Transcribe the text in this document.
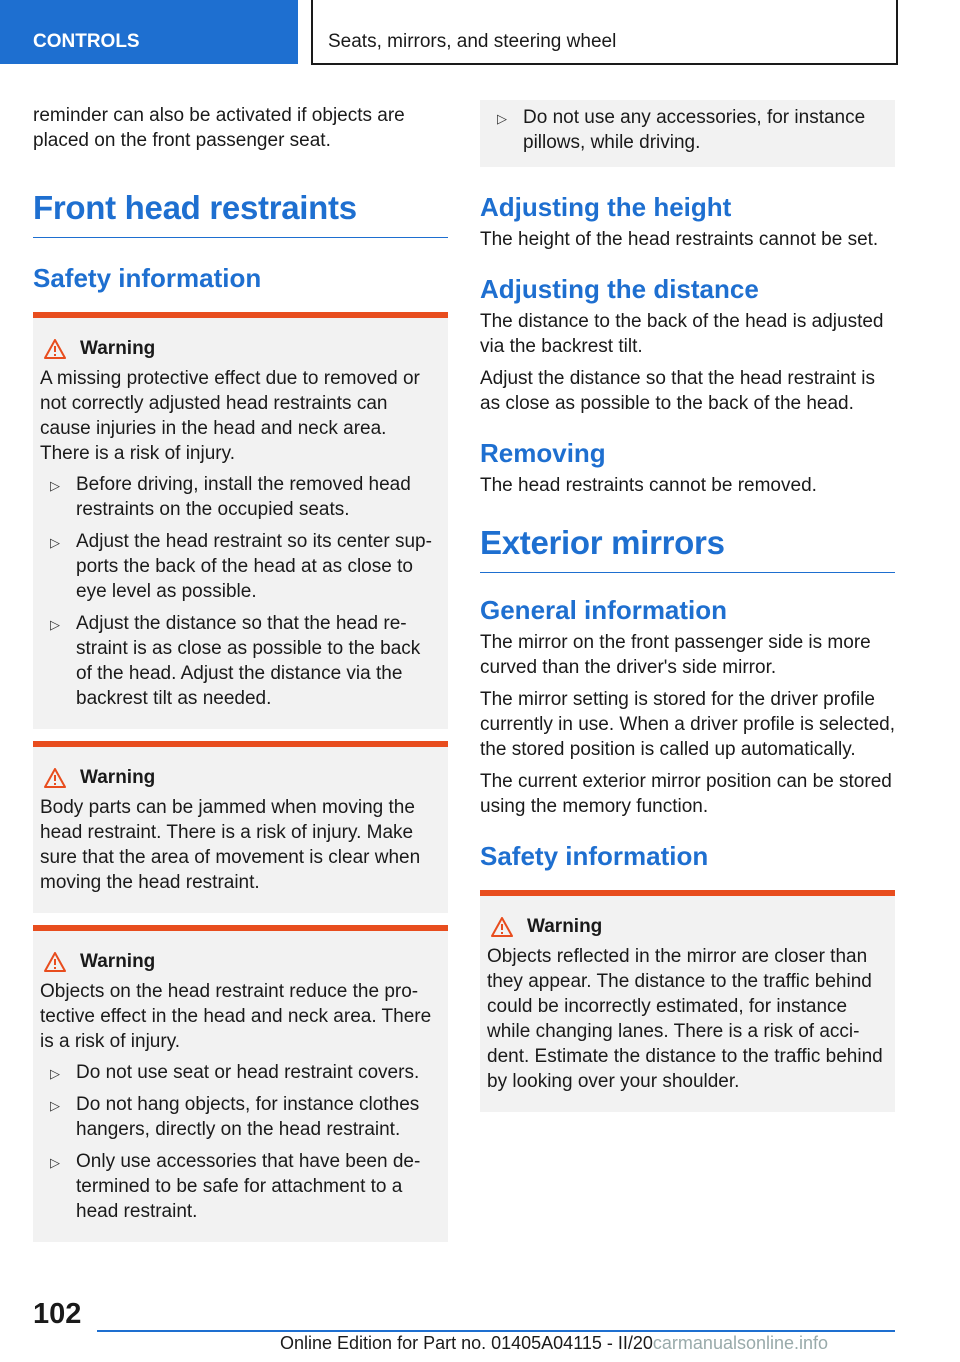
CONTROLS	Seats, mirrors, and steering wheel

reminder can also be activated if objects are placed on the front passenger seat.

Front head restraints
Safety information
Warning

A missing protective effect due to removed or not correctly adjusted head restraints can cause injuries in the head and neck area. There is a risk of injury.

▷ Before driving, install the removed head restraints on the occupied seats.
▷ Adjust the head restraint so its center sup-ports the back of the head at as close to eye level as possible.
▷ Adjust the distance so that the head re-straint is as close as possible to the back of the head. Adjust the distance via the backrest tilt as needed.
Warning

Body parts can be jammed when moving the head restraint. There is a risk of injury. Make sure that the area of movement is clear when moving the head restraint.

Warning

Objects on the head restraint reduce the pro-tective effect in the head and neck area. There is a risk of injury.

▷ Do not use seat or head restraint covers.
▷ Do not hang objects, for instance clothes hangers, directly on the head restraint.
▷ Only use accessories that have been de-termined to be safe for attachment to a head restraint.
▷ Do not use any accessories, for instance pillows, while driving.
Adjusting the height

The height of the head restraints cannot be set.

Adjusting the distance

The distance to the back of the head is adjusted via the backrest tilt.

Adjust the distance so that the head restraint is as close as possible to the back of the head.

Removing

The head restraints cannot be removed.

Exterior mirrors
General information

The mirror on the front passenger side is more curved than the driver's side mirror.

The mirror setting is stored for the driver profile currently in use. When a driver profile is selected, the stored position is called up automatically.

The current exterior mirror position can be stored using the memory function.

Safety information
Warning

Objects reflected in the mirror are closer than they appear. The distance to the traffic behind could be incorrectly estimated, for instance while changing lanes. There is a risk of acci-dent. Estimate the distance to the traffic behind by looking over your shoulder.

102
Online Edition for Part no. 01405A04115 - II/20carmanualsonline.info
